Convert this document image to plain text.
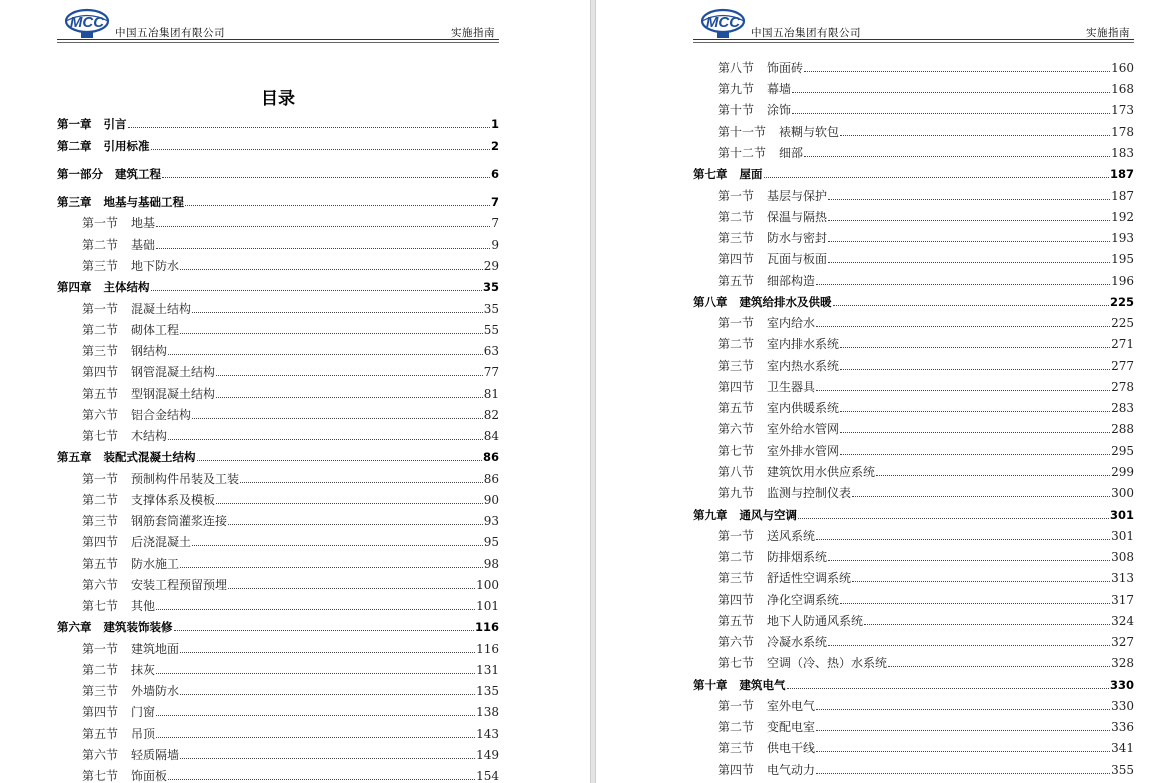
MCC
中国五冶集团有限公司	实施指南
目录
第一章 引言	1
第二章 引用标准	2
第一部分 建筑工程	6
第三章 地基与基础工程	7
第一节 地基	7
第二节 基础	9
第三节 地下防水	29
第四章 主体结构	35
第一节 混凝土结构	35
第二节 砌体工程	55
第三节 钢结构	63
第四节 钢管混凝土结构	77
第五节 型钢混凝土结构	81
第六节 铝合金结构	82
第七节 木结构	84
第五章 装配式混凝土结构	86
第一节 预制构件吊装及工装	86
第二节 支撑体系及模板	90
第三节 钢筋套筒灌浆连接	93
第四节 后浇混凝土	95
第五节 防水施工	98
第六节 安装工程预留预埋	100
第七节 其他	101
第六章 建筑装饰装修	116
第一节 建筑地面	116
第二节 抹灰	131
第三节 外墙防水	135
第四节 门窗	138
第五节 吊顶	143
第六节 轻质隔墙	149
第七节 饰面板	154
MCC
中国五冶集团有限公司	实施指南
第八节 饰面砖	160
第九节 幕墙	168
第十节 涂饰	173
第十一节 裱糊与软包	178
第十二节 细部	183
第七章 屋面	187
第一节 基层与保护	187
第二节 保温与隔热	192
第三节 防水与密封	193
第四节 瓦面与板面	195
第五节 细部构造	196
第八章 建筑给排水及供暖	225
第一节 室内给水	225
第二节 室内排水系统	271
第三节 室内热水系统	277
第四节 卫生器具	278
第五节 室内供暖系统	283
第六节 室外给水管网	288
第七节 室外排水管网	295
第八节 建筑饮用水供应系统	299
第九节 监测与控制仪表	300
第九章 通风与空调	301
第一节 送风系统	301
第二节 防排烟系统	308
第三节 舒适性空调系统	313
第四节 净化空调系统	317
第五节 地下人防通风系统	324
第六节 冷凝水系统	327
第七节 空调（冷、热）水系统	328
第十章 建筑电气	330
第一节 室外电气	330
第二节 变配电室	336
第三节 供电干线	341
第四节 电气动力	355
